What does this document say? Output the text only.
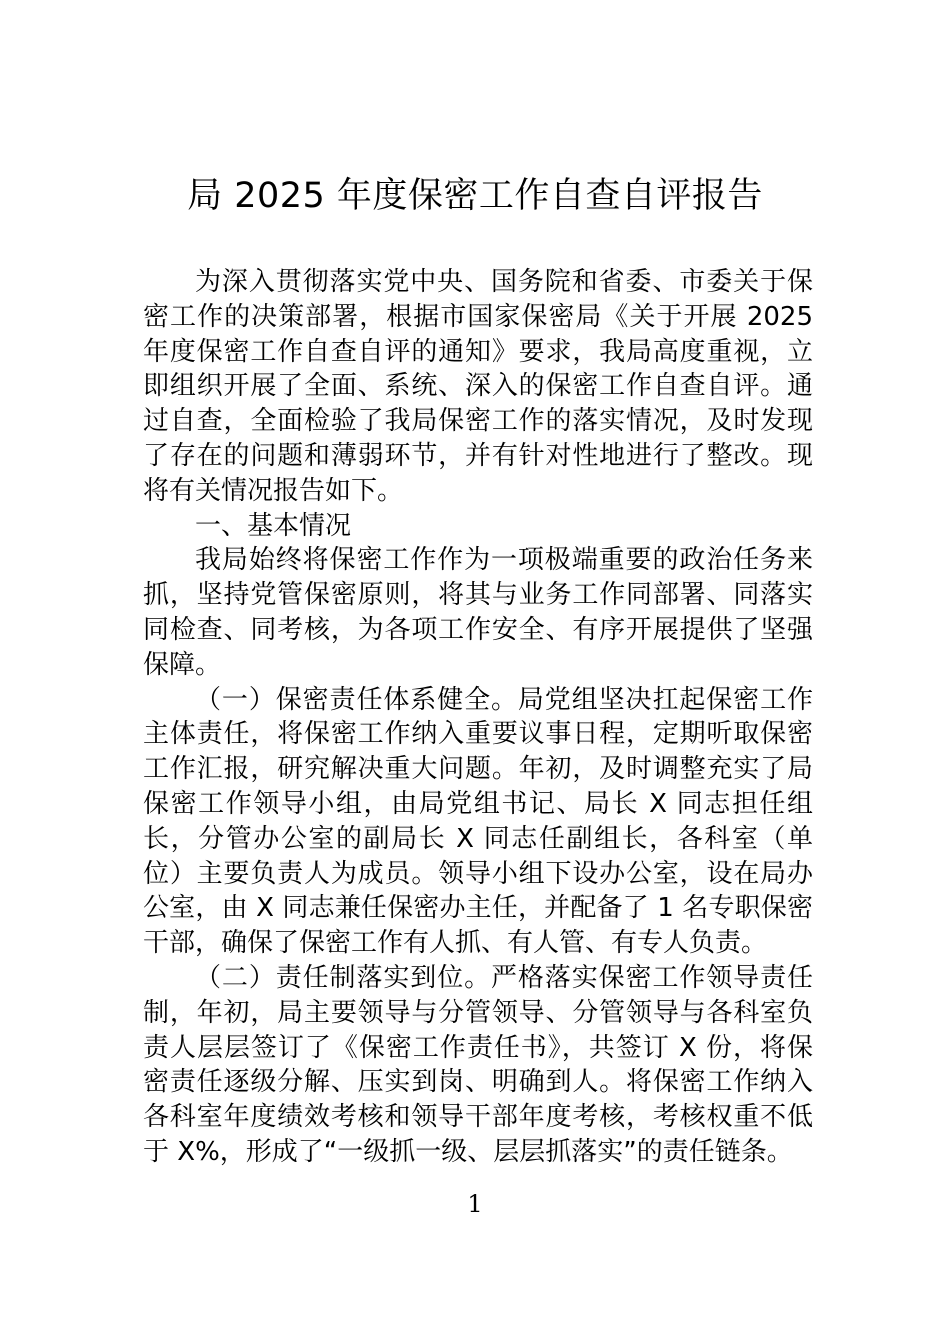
局 2025 年度保密工作自查自评报告

为深入贯彻落实党中央、国务院和省委、市委关于保密工作的决策部署，根据市国家保密局《关于开展 2025 年度保密工作自查自评的通知》要求，我局高度重视，立即组织开展了全面、系统、深入的保密工作自查自评。通过自查，全面检验了我局保密工作的落实情况，及时发现了存在的问题和薄弱环节，并有针对性地进行了整改。现将有关情况报告如下。

一、基本情况

我局始终将保密工作作为一项极端重要的政治任务来抓，坚持党管保密原则，将其与业务工作同部署、同落实同检查、同考核，为各项工作安全、有序开展提供了坚强保障。

（一）保密责任体系健全。局党组坚决扛起保密工作主体责任，将保密工作纳入重要议事日程，定期听取保密工作汇报，研究解决重大问题。年初，及时调整充实了局保密工作领导小组，由局党组书记、局长 X 同志担任组长，分管办公室的副局长 X 同志任副组长，各科室（单位）主要负责人为成员。领导小组下设办公室，设在局办公室，由 X 同志兼任保密办主任，并配备了 1 名专职保密干部，确保了保密工作有人抓、有人管、有专人负责。

（二）责任制落实到位。严格落实保密工作领导责任制，年初，局主要领导与分管领导、分管领导与各科室负责人层层签订了《保密工作责任书》，共签订 X 份，将保密责任逐级分解、压实到岗、明确到人。将保密工作纳入各科室年度绩效考核和领导干部年度考核，考核权重不低于 X%，形成了“一级抓一级、层层抓落实”的责任链条。

1
